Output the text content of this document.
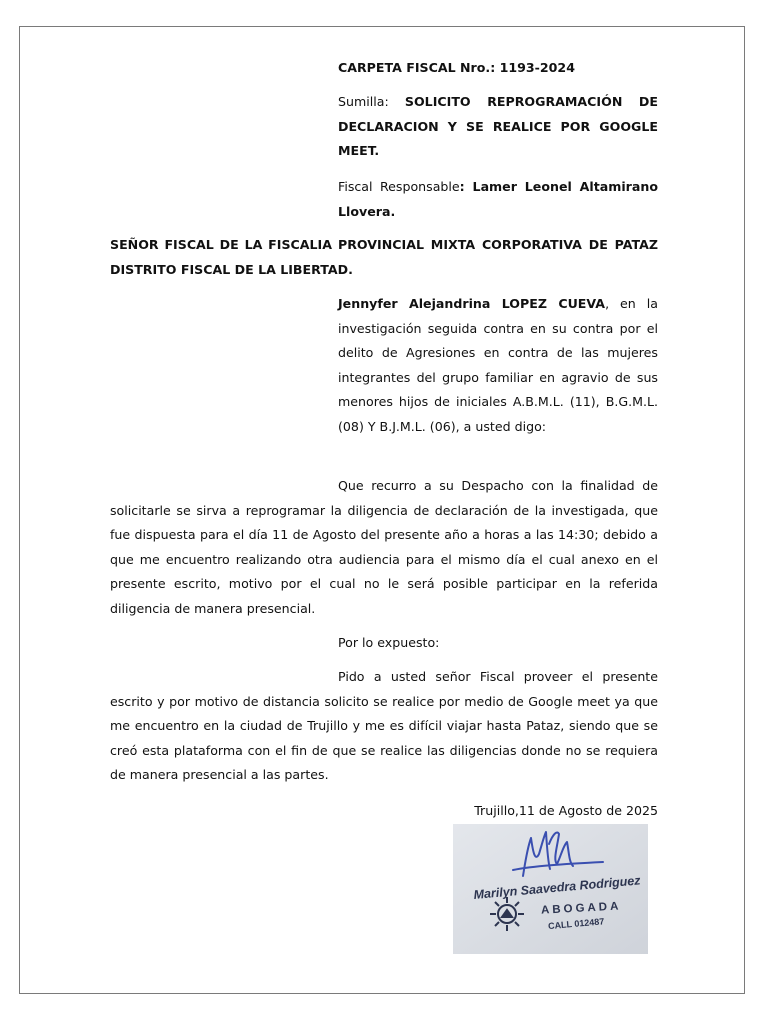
CARPETA FISCAL Nro.: 1193-2024

Sumilla: SOLICITO REPROGRAMACIÓN DE
DECLARACION Y SE REALICE POR GOOGLE
MEET.
Fiscal Responsable: Lamer Leonel Altamirano
Llovera.
SEÑOR FISCAL DE LA FISCALIA PROVINCIAL MIXTA CORPORATIVA DE PATAZ
DISTRITO FISCAL DE LA LIBERTAD.

Jennyfer Alejandrina LOPEZ CUEVA, en la investigación seguida contra en su contra por el delito de Agresiones en contra de las mujeres integrantes del grupo familiar en agravio de sus menores hijos de iniciales A.B.M.L. (11), B.G.M.L. (08) Y B.J.M.L. (06), a usted digo:

Que recurro a su Despacho con la finalidad de solicitarle se sirva a reprogramar la diligencia de declaración de la investigada, que fue dispuesta para el día 11 de Agosto del presente año a horas a las 14:30; debido a que me encuentro realizando otra audiencia para el mismo día el cual anexo en el presente escrito, motivo por el cual no le será posible participar en la referida diligencia de manera presencial.

Por lo expuesto:

Pido a usted señor Fiscal proveer el presente escrito y por motivo de distancia solicito se realice por medio de Google meet ya que me encuentro en la ciudad de Trujillo y me es difícil viajar hasta Pataz, siendo que se creó esta plataforma con el fin de que se realice las diligencias donde no se requiera de manera presencial a las partes.

Trujillo,11 de Agosto de 2025

Marilyn Saavedra Rodriguez
ABOGADA
CALL 012487
